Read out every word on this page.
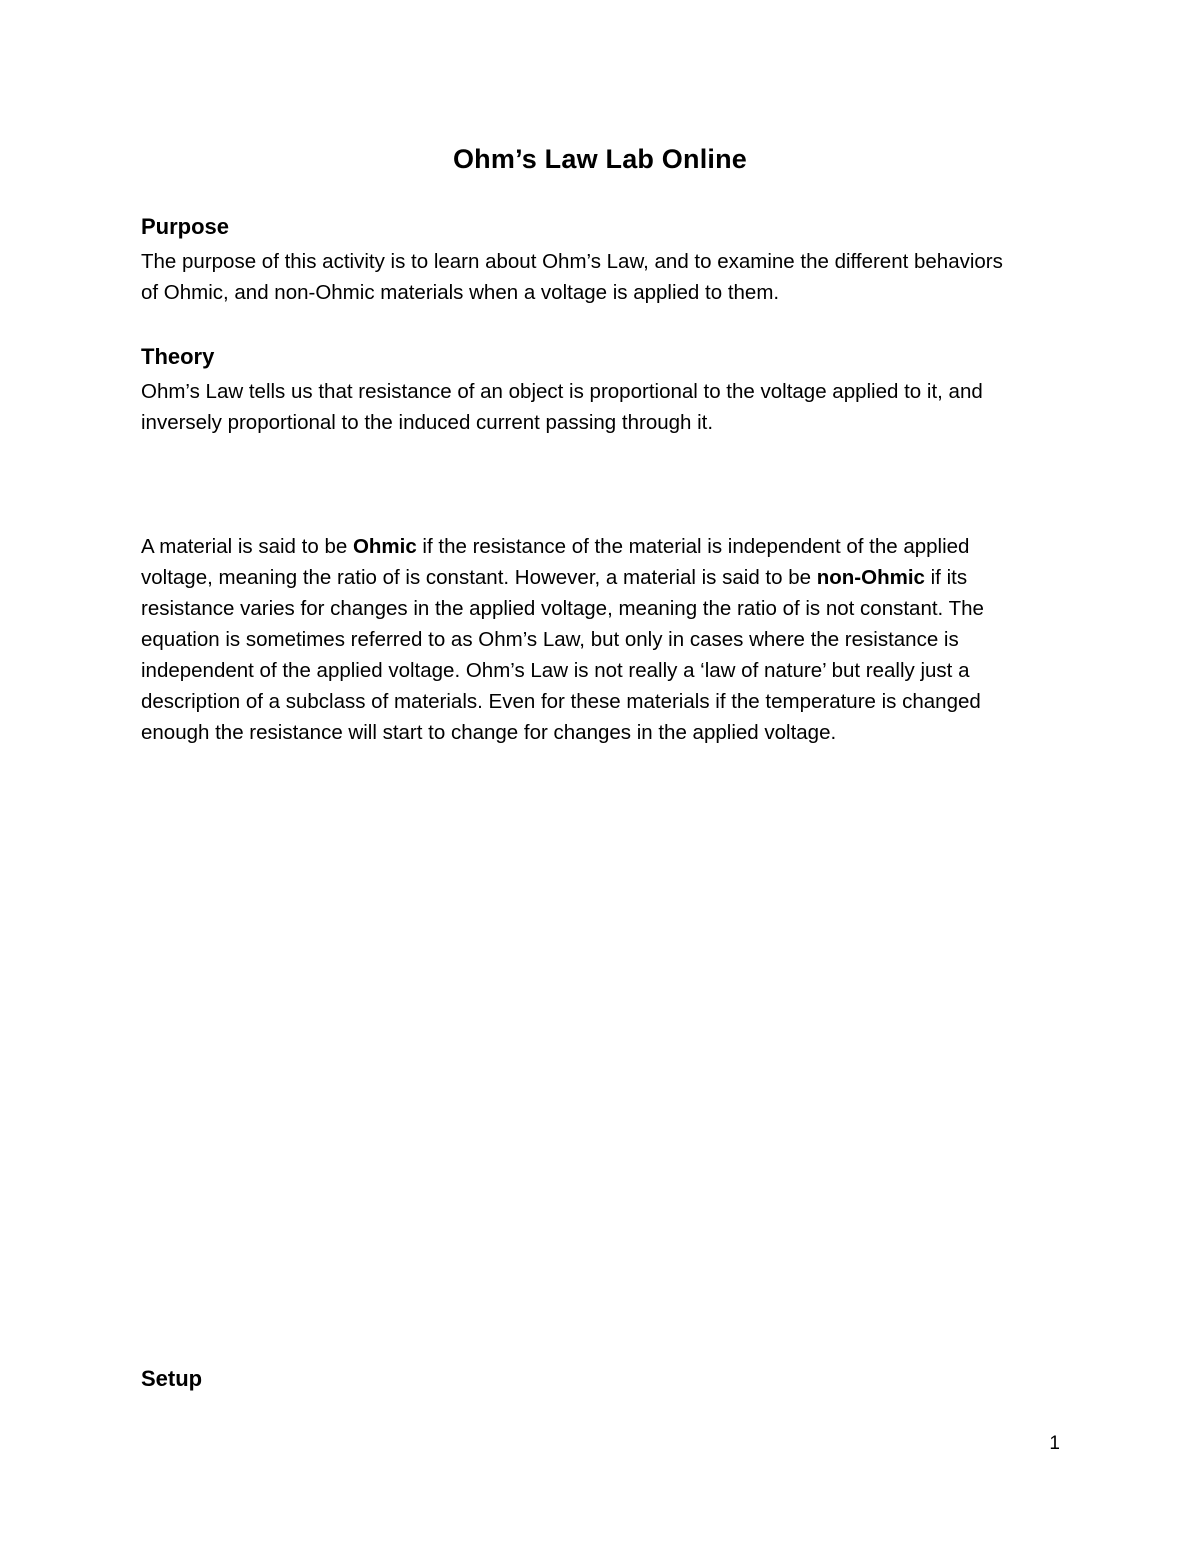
Ohm’s Law Lab Online
Purpose
The purpose of this activity is to learn about Ohm’s Law, and to examine the different behaviors
of Ohmic, and non-Ohmic materials when a voltage is applied to them.
Theory
Ohm’s Law tells us that resistance of an object is proportional to the voltage applied to it, and
inversely proportional to the induced current passing through it.
A material is said to be Ohmic if the resistance of the material is independent of the applied
voltage, meaning the ratio of is constant. However, a material is said to be non-Ohmic if its
resistance varies for changes in the applied voltage, meaning the ratio of is not constant. The
equation is sometimes referred to as Ohm’s Law, but only in cases where the resistance is
independent of the applied voltage. Ohm’s Law is not really a ‘law of nature’ but really just a
description of a subclass of materials. Even for these materials if the temperature is changed
enough the resistance will start to change for changes in the applied voltage.
Setup
1
